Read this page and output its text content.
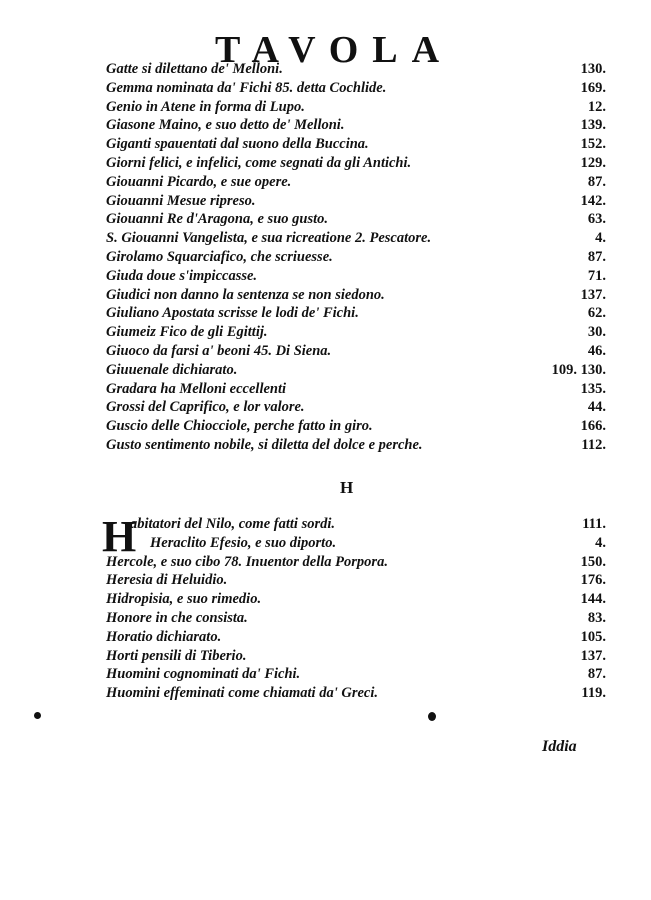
TAVOLA
Gatte si dilettano de' Melloni.	130.
Gemma nominata da' Fichi 85. detta Cochlide.	169.
Genio in Atene in forma di Lupo.	12.
Giasone Maino, e suo detto de' Melloni.	139.
Giganti spauentati dal suono della Buccina.	152.
Giorni felici, e infelici, come segnati da gli Antichi.	129.
Giouanni Picardo, e sue opere.	87.
Giouanni Mesue ripreso.	142.
Giouanni Re d'Aragona, e suo gusto.	63.
S. Giouanni Vangelista, e sua ricreatione 2. Pescatore.	4.
Girolamo Squarciafico, che scriuesse.	87.
Giuda doue s'impiccasse.	71.
Giudici non danno la sentenza se non siedono.	137.
Giuliano Apostata scrisse le lodi de' Fichi.	62.
Giumeiz Fico de gli Egittij.	30.
Giuoco da farsi a' beoni 45. Di Siena.	46.
Giuuenale dichiarato.	109. 130.
Gradara ha Melloni eccellenti	135.
Grossi del Caprifico, e lor valore.	44.
Guscio delle Chiocciole, perche fatto in giro.	166.
Gusto sentimento nobile, si diletta del dolce e perche.	112.
H
abitatori del Nilo, come fatti sordi.	111.
Heraclito Efesio, e suo diporto.	4.
Hercole, e suo cibo 78. Inuentor della Porpora.	150.
Heresia di Heluidio.	176.
Hidropisia, e suo rimedio.	144.
Honore in che consista.	83.
Horatio dichiarato.	105.
Horti pensili di Tiberio.	137.
Huomini cognominati da' Fichi.	87.
Huomini effeminati come chiamati da' Greci.	119.
H
Iddia
